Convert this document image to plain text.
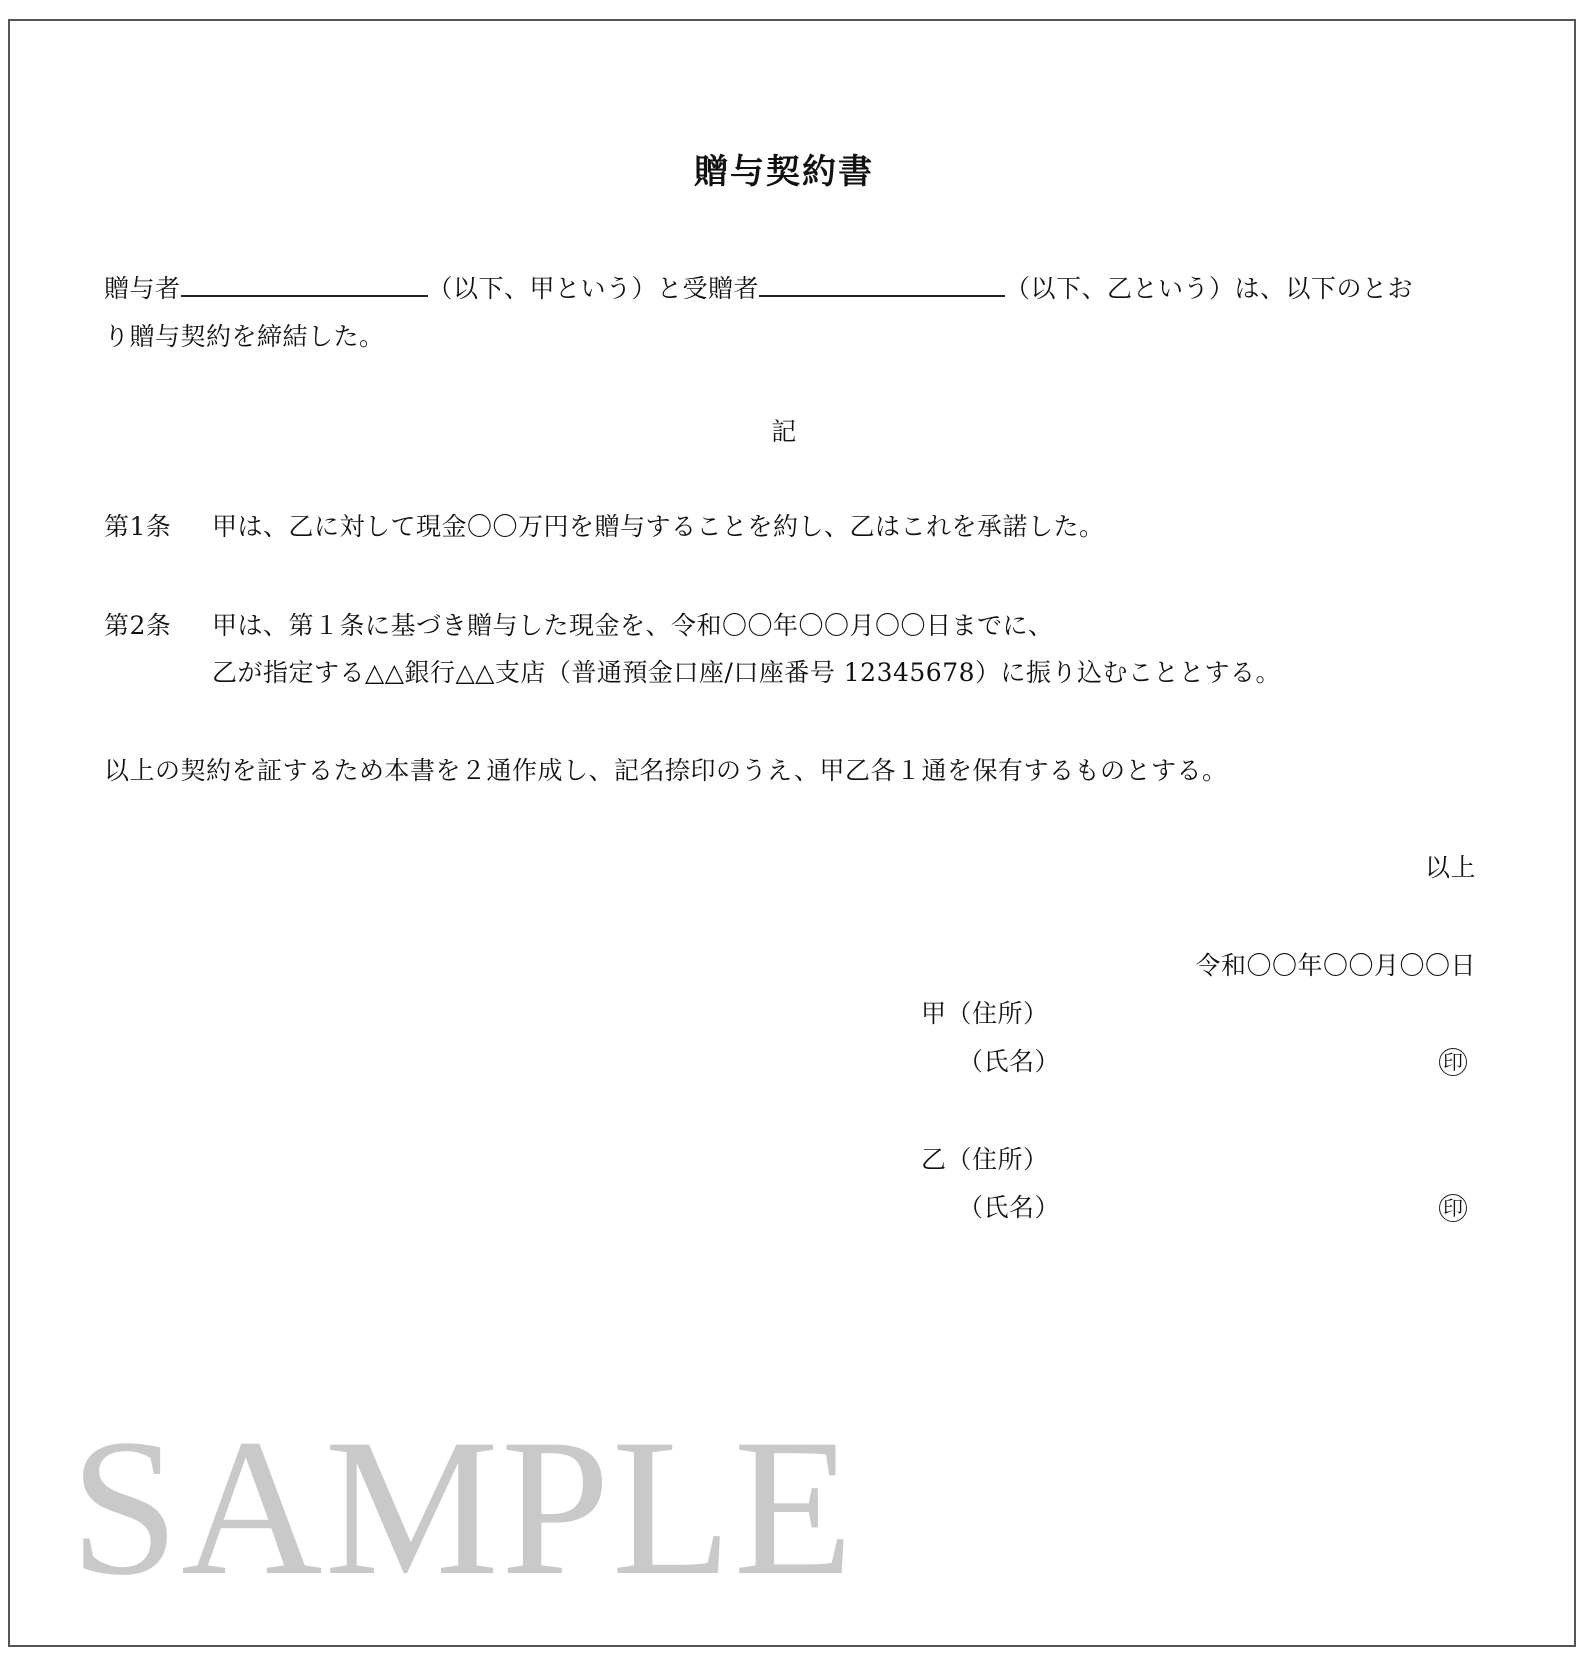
贈与契約書
贈与者	（以下、甲という）と受贈者	（以下、乙という）は、以下のとお
り贈与契約を締結した。
記
第1条 甲は、乙に対して現金〇〇万円を贈与することを約し、乙はこれを承諾した。
第2条 甲は、第１条に基づき贈与した現金を、令和〇〇年〇〇月〇〇日までに、
乙が指定する△△銀行△△支店（普通預金口座/口座番号 12345678）に振り込むこととする。
以上の契約を証するため本書を２通作成し、記名捺印のうえ、甲乙各１通を保有するものとする。
以上
令和〇〇年〇〇月〇〇日
甲（住所）
（氏名）	印
乙（住所）
（氏名）	印
SAMPLE
